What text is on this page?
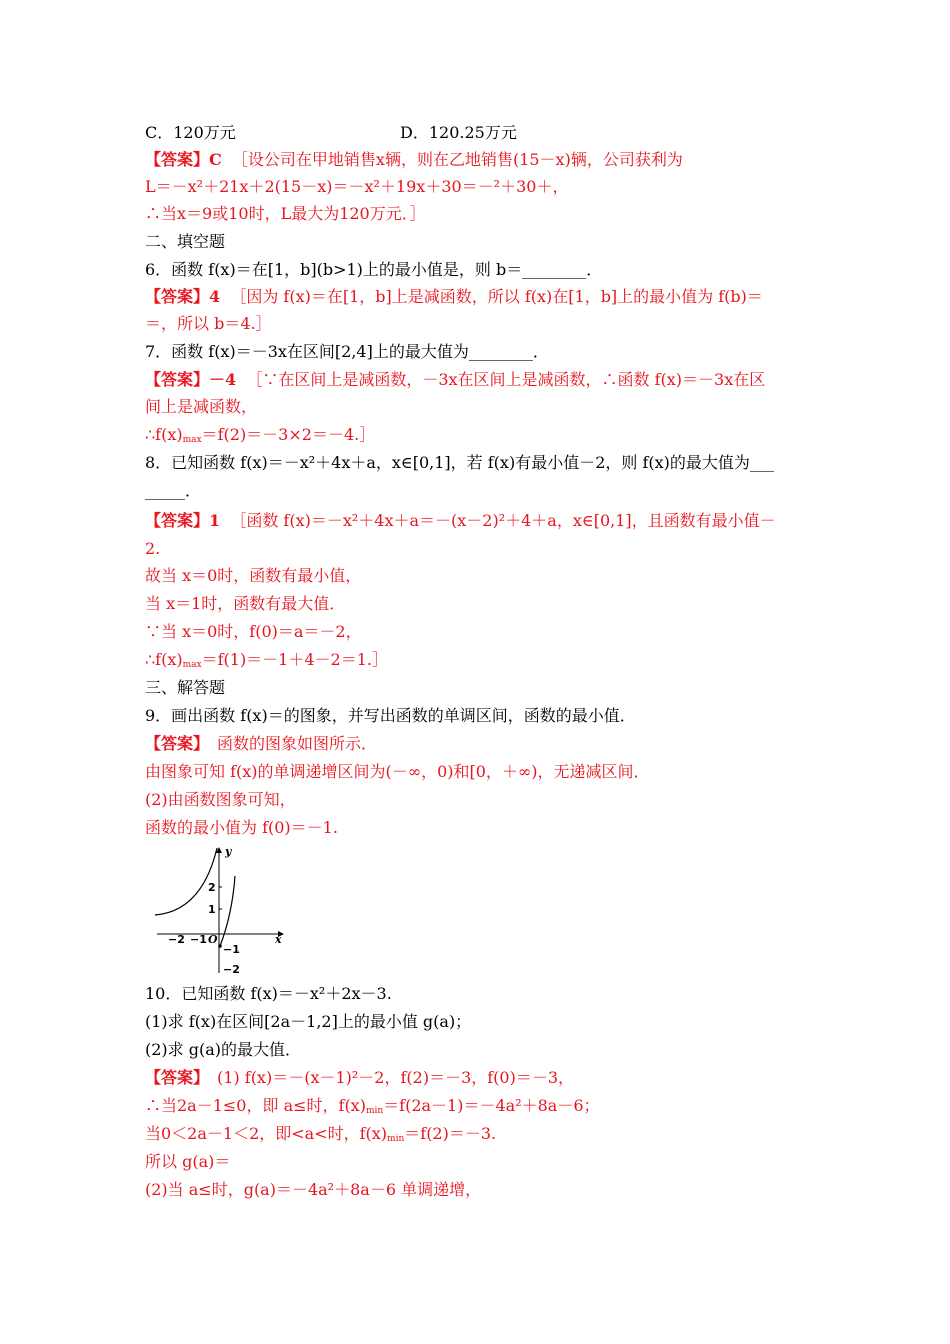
C．120万元	D．120.25万元
【答案】C ［设公司在甲地销售x辆，则在乙地销售(15－x)辆，公司获利为
L＝－x²＋21x＋2(15－x)＝－x²＋19x＋30＝－²＋30＋，
∴当x＝9或10时，L最大为120万元．］
二、填空题
6．函数 f(x)＝在[1，b](b>1)上的最小值是，则 b＝________．
【答案】4 ［因为 f(x)＝在[1，b]上是减函数，所以 f(x)在[1，b]上的最小值为 f(b)＝
＝，所以 b＝4.］
7．函数 f(x)＝－3x在区间[2,4]上的最大值为________．
【答案】－4 ［∵在区间上是减函数，－3x在区间上是减函数，∴函数 f(x)＝－3x在区
间上是减函数，
$\therefore f(x)_{max}=f(2)=-3\times 2=-4.]$
8．已知函数 f(x)＝－x²＋4x＋a，x∈[0,1]，若 f(x)有最小值－2，则 f(x)的最大值为___
_____．
【答案】1 ［函数 f(x)＝－x²＋4x＋a＝－(x－2)²＋4＋a，x∈[0,1]，且函数有最小值－
2.
故当 x＝0时，函数有最小值，
当 x＝1时，函数有最大值．
∵当 x＝0时，f(0)＝a＝－2，
$\therefore f(x)_{max}=f(1)=-1+4-2=1.]$
三、解答题
9．画出函数 f(x)＝的图象，并写出函数的单调区间，函数的最小值．
【答案】　函数的图象如图所示．
由图象可知 f(x)的单调递增区间为(－∞，0)和[0，＋∞)，无递减区间．
(2)由函数图象可知，
函数的最小值为 f(0)＝－1.
y
x
O
−2 −1
2
1
−1
−2
10．已知函数 f(x)＝－x²＋2x－3.
(1)求 f(x)在区间[2a－1,2]上的最小值 g(a)；
(2)求 g(a)的最大值．
【答案】　(1) f(x)＝－(x－1)²－2，f(2)＝－3，f(0)＝－3，
∴当2a－1≤0，即 a≤时，$f(x)_{min}=f(2a-1)=-4a^2+8a-6$；
当0＜2a－1＜2，即<a<时，$f(x)_{min}=f(2)=-3$.
所以 g(a)＝
(2)当 a≤时，g(a)＝－4a²＋8a－6 单调递增，
